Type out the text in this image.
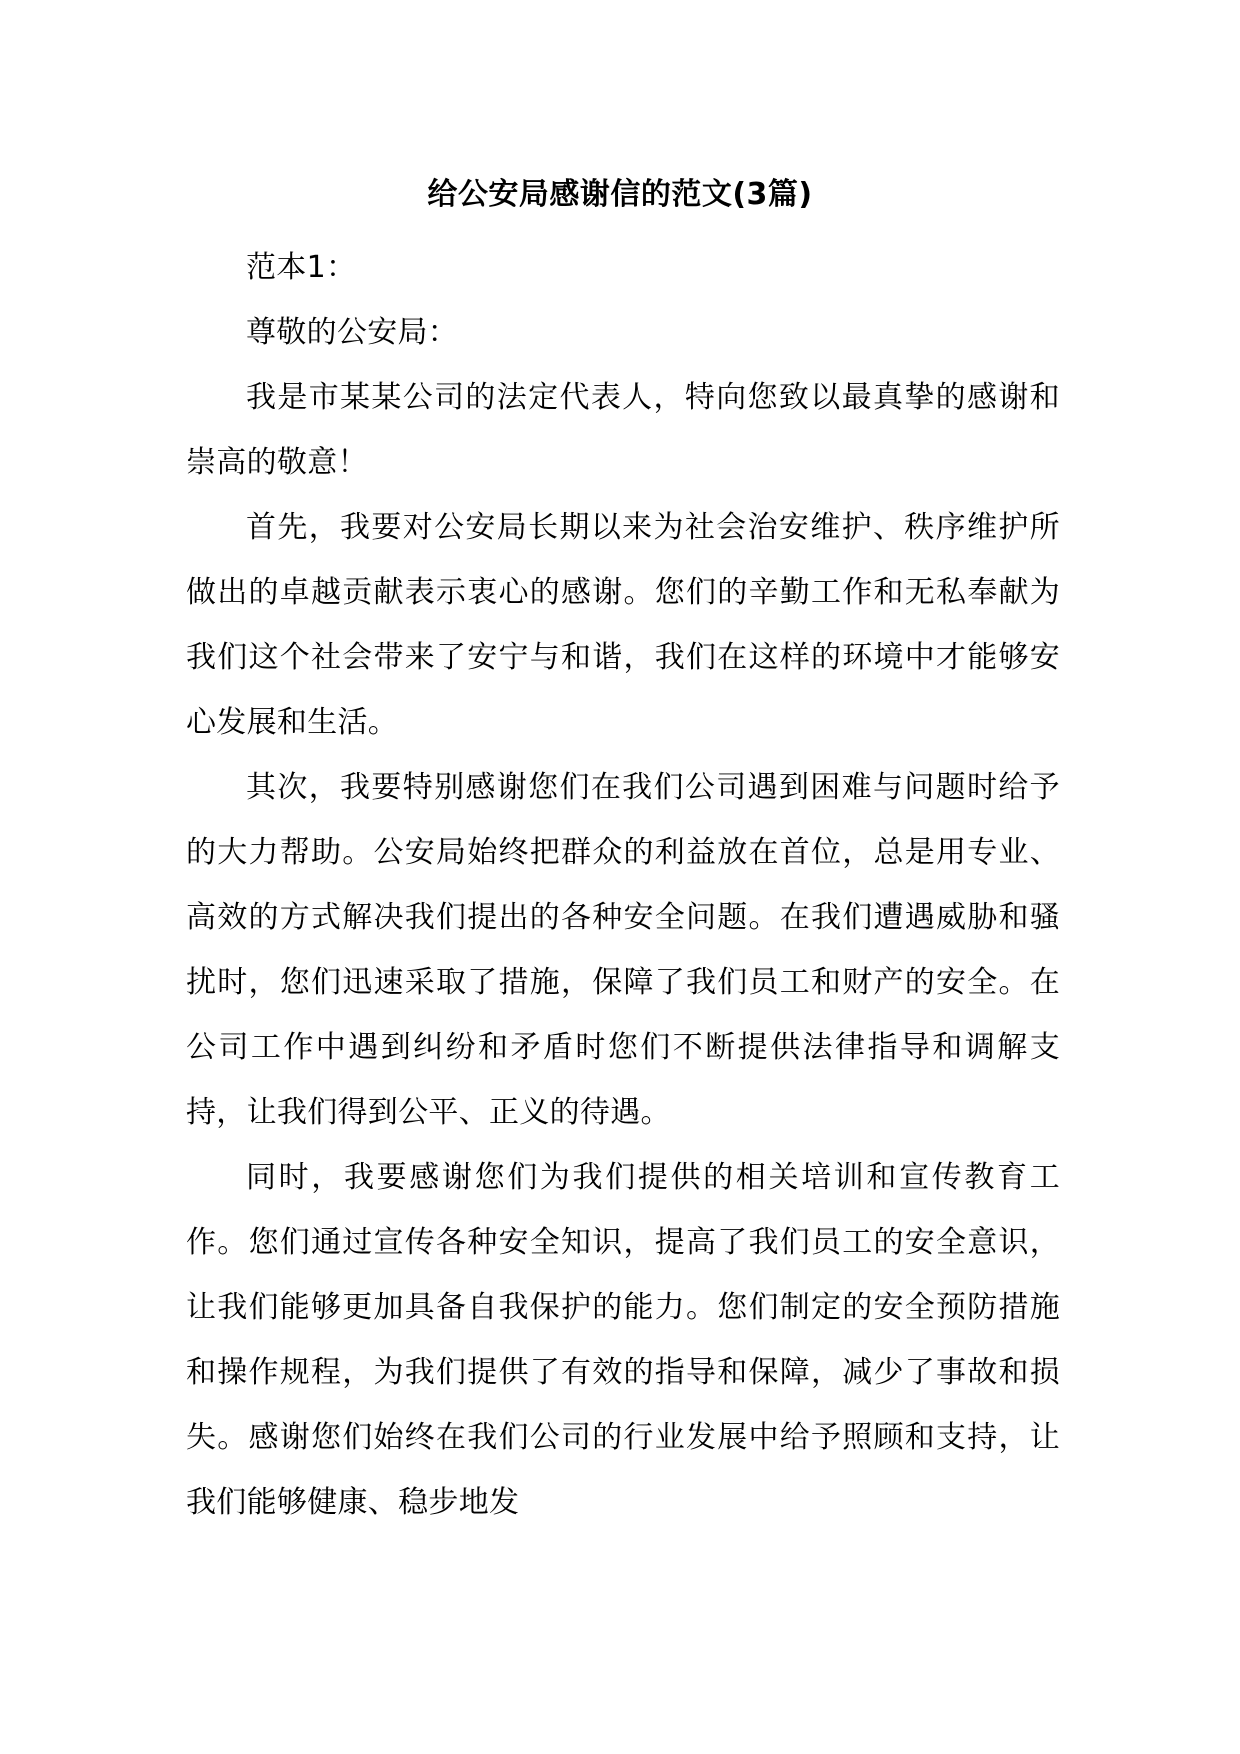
给公安局感谢信的范文(3篇)

范本1：

尊敬的公安局：

我是市某某公司的法定代表人，特向您致以最真挚的感谢和崇高的敬意！

首先，我要对公安局长期以来为社会治安维护、秩序维护所做出的卓越贡献表示衷心的感谢。您们的辛勤工作和无私奉献为我们这个社会带来了安宁与和谐，我们在这样的环境中才能够安心发展和生活。

其次，我要特别感谢您们在我们公司遇到困难与问题时给予的大力帮助。公安局始终把群众的利益放在首位，总是用专业、高效的方式解决我们提出的各种安全问题。在我们遭遇威胁和骚扰时，您们迅速采取了措施，保障了我们员工和财产的安全。在公司工作中遇到纠纷和矛盾时您们不断提供法律指导和调解支持，让我们得到公平、正义的待遇。

同时，我要感谢您们为我们提供的相关培训和宣传教育工作。您们通过宣传各种安全知识，提高了我们员工的安全意识，让我们能够更加具备自我保护的能力。您们制定的安全预防措施和操作规程，为我们提供了有效的指导和保障，减少了事故和损失。感谢您们始终在我们公司的行业发展中给予照顾和支持，让我们能够健康、稳步地发
